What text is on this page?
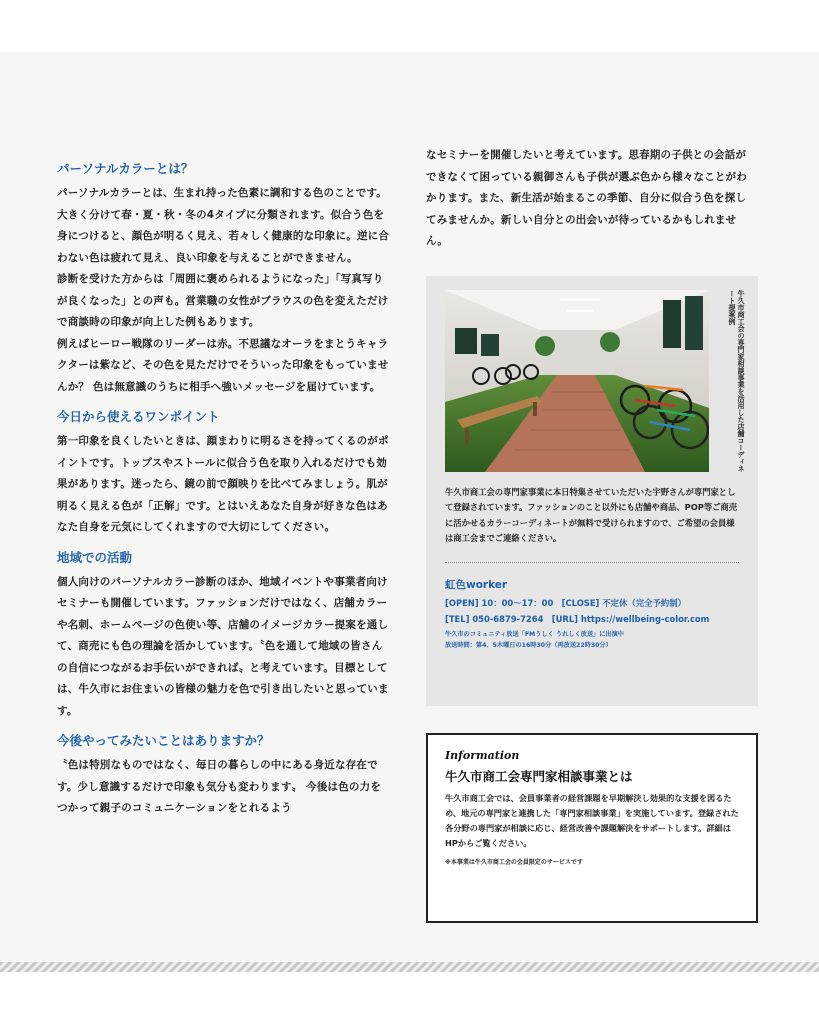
パーソナルカラーとは？
パーソナルカラーとは、生まれ持った色素に調和する色のことです。大きく分けて春・夏・秋・冬の4タイプに分類されます。似合う色を身につけると、顔色が明るく見え、若々しく健康的な印象に。逆に合わない色は疲れて見え、良い印象を与えることができません。
診断を受けた方からは「周囲に褒められるようになった」「写真写りが良くなった」との声も。営業職の女性がブラウスの色を変えただけで商談時の印象が向上した例もあります。
例えばヒーロー戦隊のリーダーは赤。不思議なオーラをまとうキャラクターは紫など、その色を見ただけでそういった印象をもっていませんか？ 色は無意識のうちに相手へ強いメッセージを届けています。
今日から使えるワンポイント
第一印象を良くしたいときは、顔まわりに明るさを持ってくるのがポイントです。トップスやストールに似合う色を取り入れるだけでも効果があります。迷ったら、鏡の前で顔映りを比べてみましょう。肌が明るく見える色が「正解」です。とはいえあなた自身が好きな色はあなた自身を元気にしてくれますので大切にしてください。
地域での活動
個人向けのパーソナルカラー診断のほか、地域イベントや事業者向けセミナーも開催しています。ファッションだけではなく、店舗カラーや名刺、ホームページの色使い等、店舗のイメージカラー提案を通して、商売にも色の理論を活かしています。〝色を通して地域の皆さんの自信につながるお手伝いができれば〟と考えています。目標としては、牛久市にお住まいの皆様の魅力を色で引き出したいと思っています。
今後やってみたいことはありますか？
〝色は特別なものではなく、毎日の暮らしの中にある身近な存在です。少し意識するだけで印象も気分も変わります〟 今後は色の力をつかって親子のコミュニケーションをとれるよう
なセミナーを開催したいと考えています。思春期の子供との会話ができなくて困っている親御さんも子供が選ぶ色から様々なことがわかります。また、新生活が始まるこの季節、自分に似合う色を探してみませんか。新しい自分との出会いが待っているかもしれません。
牛久市商工会の専門家相談事業を活用した店舗コーディネート提案例
牛久市商工会の専門家事業に本日特集させていただいた宇野さんが専門家として登録されています。ファッションのこと以外にも店舗や商品、POP等ご商売に活かせるカラーコーディネートが無料で受けられますので、ご希望の会員様は商工会までご連絡ください。
虹色worker
[OPEN] 10：00〜17：00　[CLOSE] 不定休（完全予約制）
[TEL] 050-6879-7264　[URL] https://wellbeing-color.com
牛久市のコミュニティ放送「FMうしく うれしく放送」に出演中
放送時間：第4、5木曜日の16時30分（再放送22時30分）
Information
牛久市商工会専門家相談事業とは
牛久市商工会では、会員事業者の経営課題を早期解決し効果的な支援を図るため、地元の専門家と連携した「専門家相談事業」を実施しています。登録された各分野の専門家が相談に応じ、経営改善や課題解決をサポートします。詳細はHPからご覧ください。
※本事業は牛久市商工会の会員限定のサービスです
